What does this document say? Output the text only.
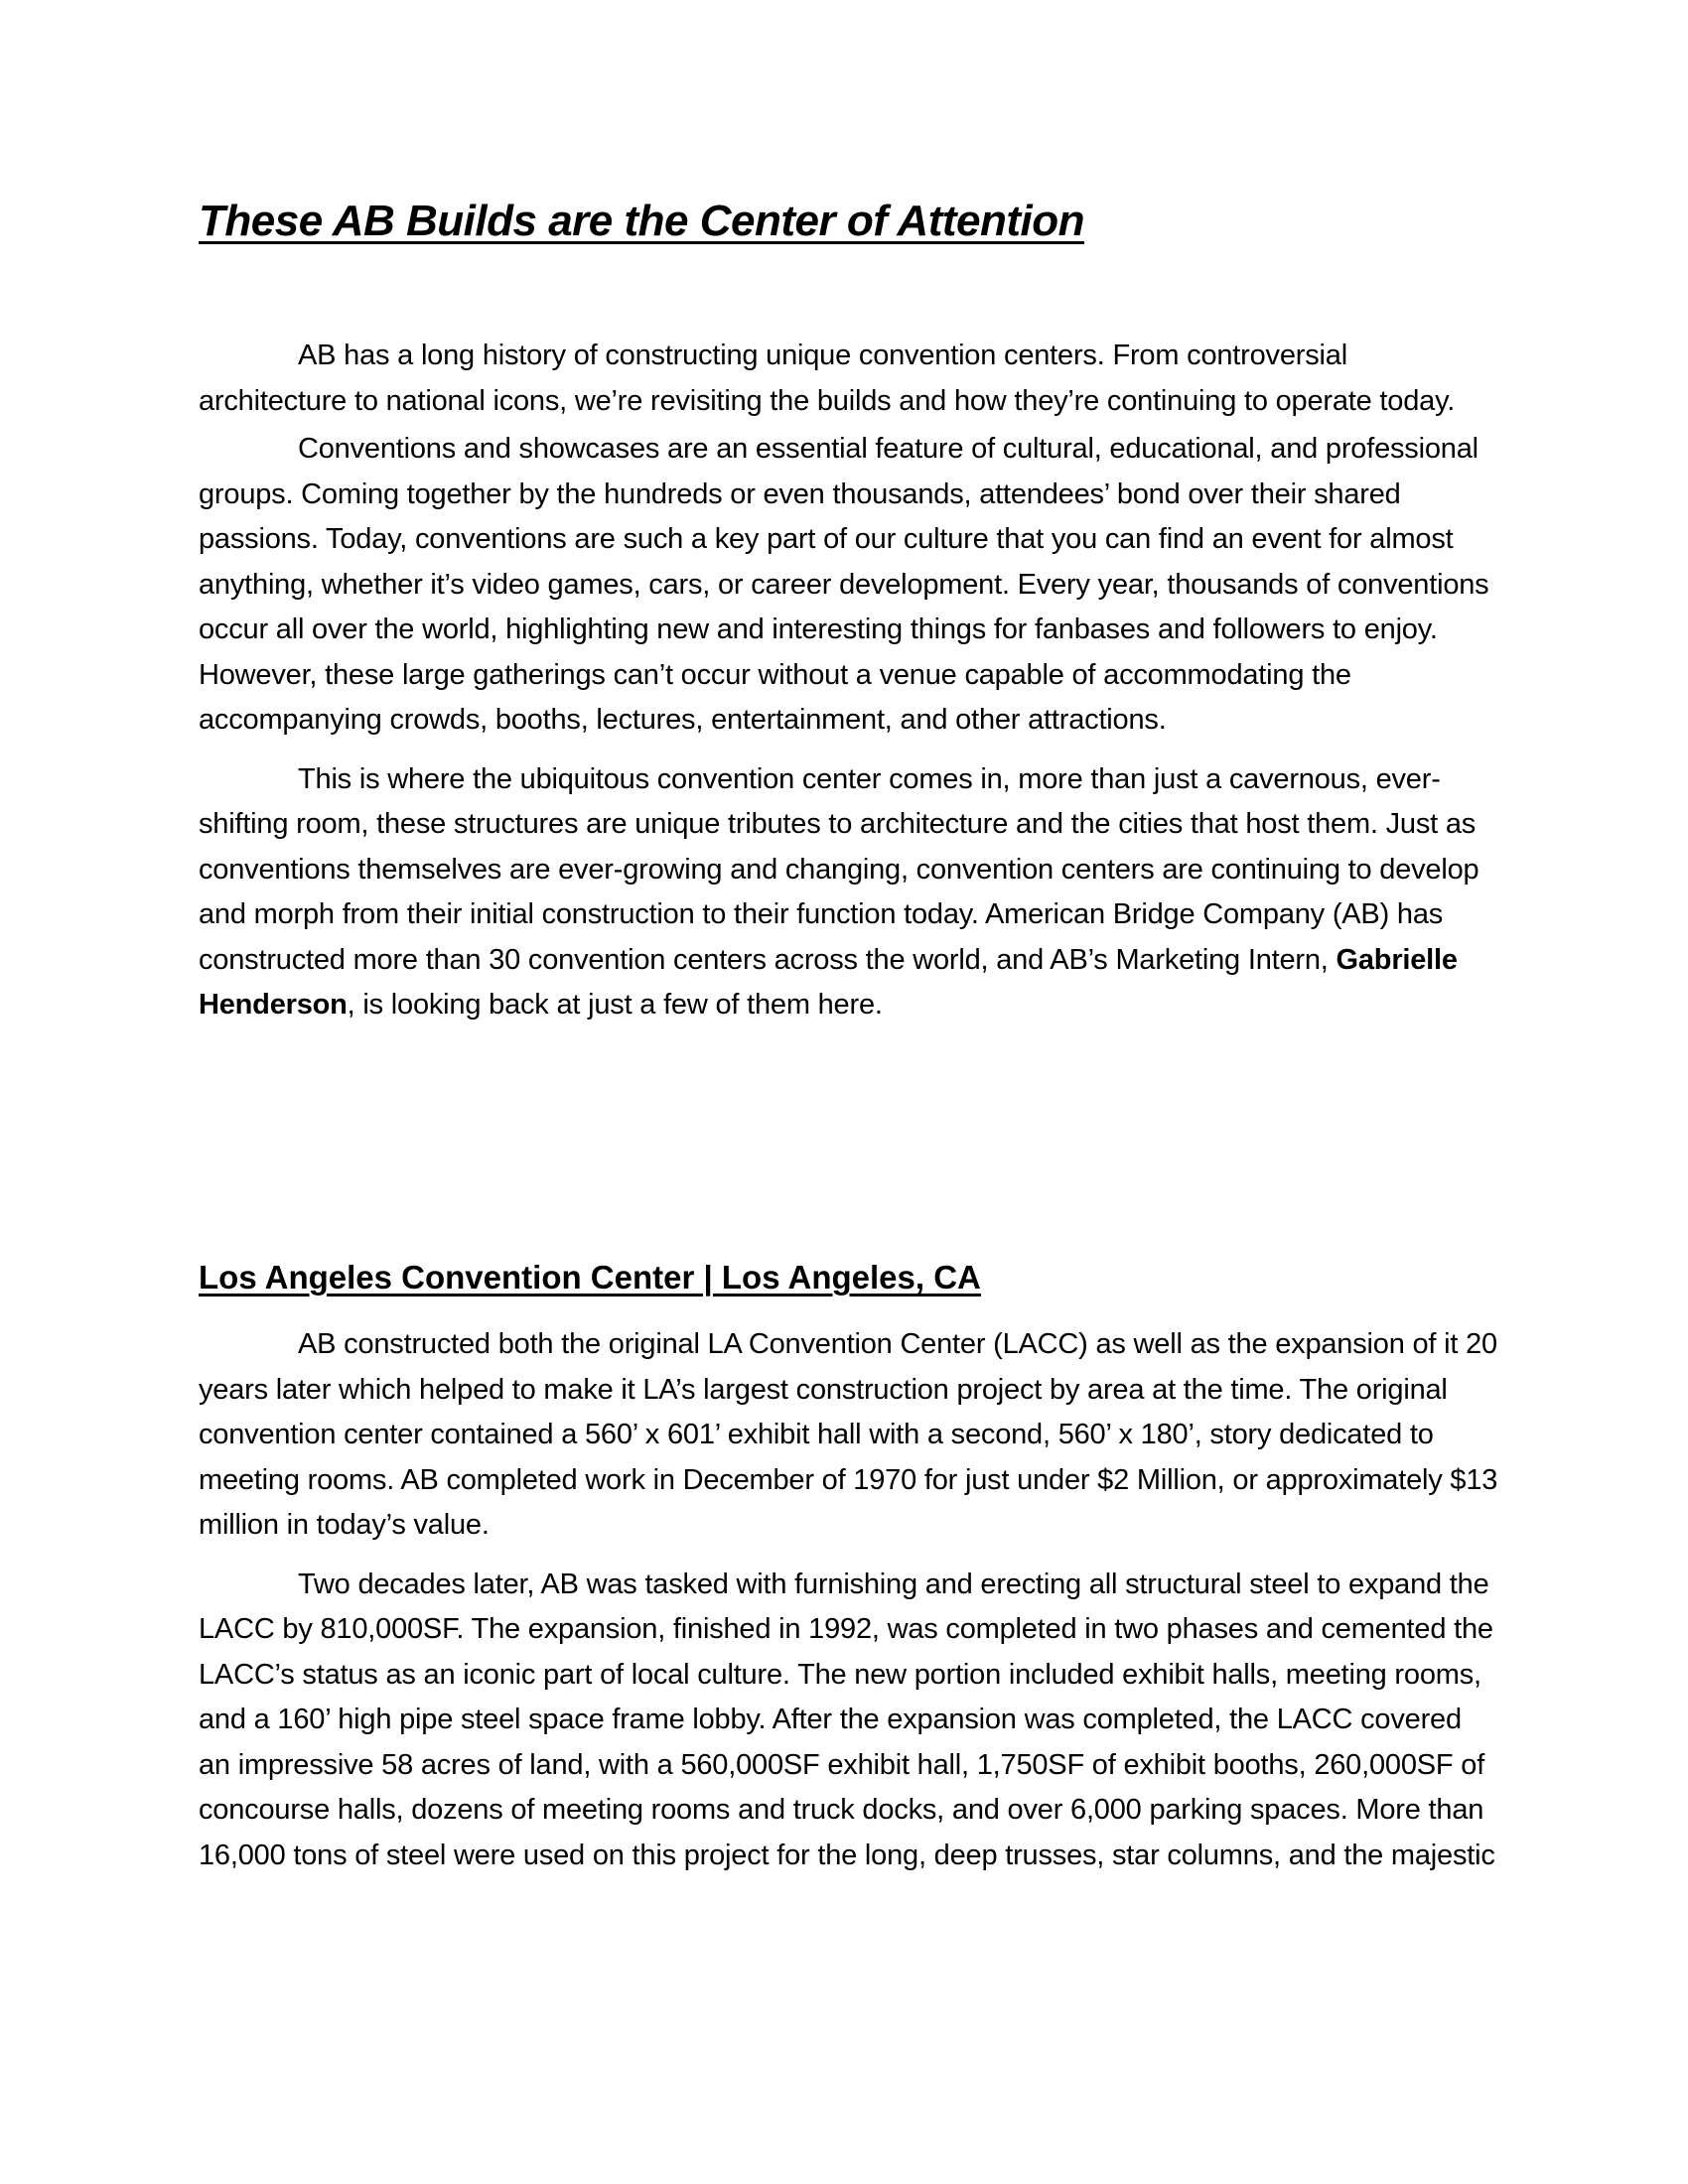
These AB Builds are the Center of Attention

AB has a long history of constructing unique convention centers. From controversial architecture to national icons, we’re revisiting the builds and how they’re continuing to operate today.

Conventions and showcases are an essential feature of cultural, educational, and professional groups. Coming together by the hundreds or even thousands, attendees’ bond over their shared passions. Today, conventions are such a key part of our culture that you can find an event for almost anything, whether it’s video games, cars, or career development. Every year, thousands of conventions occur all over the world, highlighting new and interesting things for fanbases and followers to enjoy. However, these large gatherings can’t occur without a venue capable of accommodating the accompanying crowds, booths, lectures, entertainment, and other attractions.

This is where the ubiquitous convention center comes in, more than just a cavernous, ever-shifting room, these structures are unique tributes to architecture and the cities that host them. Just as conventions themselves are ever-growing and changing, convention centers are continuing to develop and morph from their initial construction to their function today. American Bridge Company (AB) has constructed more than 30 convention centers across the world, and AB’s Marketing Intern, Gabrielle Henderson, is looking back at just a few of them here.

Los Angeles Convention Center | Los Angeles, CA

AB constructed both the original LA Convention Center (LACC) as well as the expansion of it 20 years later which helped to make it LA’s largest construction project by area at the time. The original convention center contained a 560’ x 601’ exhibit hall with a second, 560’ x 180’, story dedicated to meeting rooms. AB completed work in December of 1970 for just under $2 Million, or approximately $13 million in today’s value.

Two decades later, AB was tasked with furnishing and erecting all structural steel to expand the LACC by 810,000SF. The expansion, finished in 1992, was completed in two phases and cemented the LACC’s status as an iconic part of local culture. The new portion included exhibit halls, meeting rooms, and a 160’ high pipe steel space frame lobby. After the expansion was completed, the LACC covered an impressive 58 acres of land, with a 560,000SF exhibit hall, 1,750SF of exhibit booths, 260,000SF of concourse halls, dozens of meeting rooms and truck docks, and over 6,000 parking spaces. More than 16,000 tons of steel were used on this project for the long, deep trusses, star columns, and the majestic
